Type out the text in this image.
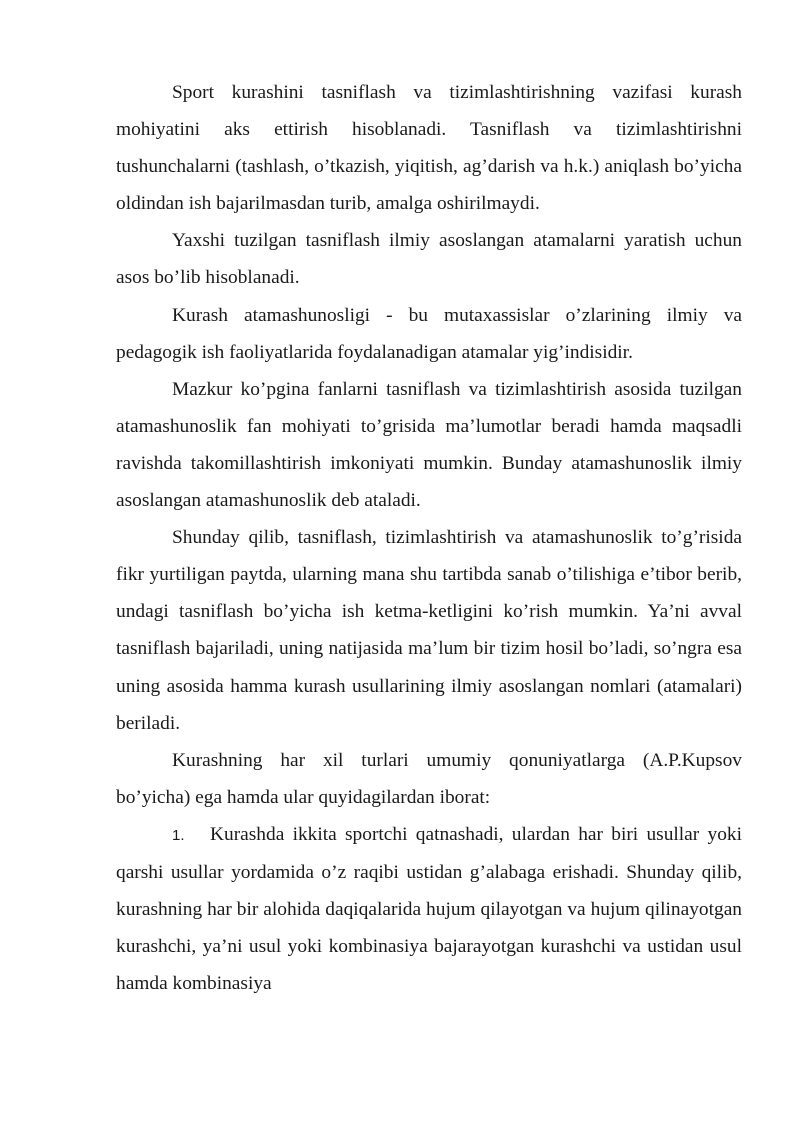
Sport kurashini tasniflash va tizimlashtirishning vazifasi kurash mohiyatini aks ettirish hisoblanadi. Tasniflash va tizimlashtirishni tushunchalarni (tashlash, o’tkazish, yiqitish, ag’darish va h.k.) aniqlash bo’yicha oldindan ish bajarilmasdan turib, amalga oshirilmaydi.

Yaxshi tuzilgan tasniflash ilmiy asoslangan atamalarni yaratish uchun asos bo’lib hisoblanadi.

Kurash atamashunosligi - bu mutaxassislar o’zlarining ilmiy va pedagogik ish faoliyatlarida foydalanadigan atamalar yig’indisidir.

Mazkur ko’pgina fanlarni tasniflash va tizimlashtirish asosida tuzilgan atamashunoslik fan mohiyati to’grisida ma’lumotlar beradi hamda maqsadli ravishda takomillashtirish imkoniyati mumkin. Bunday atamashunoslik ilmiy asoslangan atamashunoslik deb ataladi.

Shunday qilib, tasniflash, tizimlashtirish va atamashunoslik to’g’risida fikr yurtiligan paytda, ularning mana shu tartibda sanab o’tilishiga e’tibor berib, undagi tasniflash bo’yicha ish ketma-ketligini ko’rish mumkin. Ya’ni avval tasniflash bajariladi, uning natijasida ma’lum bir tizim hosil bo’ladi, so’ngra esa uning asosida hamma kurash usullarining ilmiy asoslangan nomlari (atamalari) beriladi.

Kurashning har xil turlari umumiy qonuniyatlarga (A.P.Kupsov bo’yicha) ega hamda ular quyidagilardan iborat:

1. Kurashda ikkita sportchi qatnashadi, ulardan har biri usullar yoki qarshi usullar yordamida o’z raqibi ustidan g’alabaga erishadi. Shunday qilib, kurashning har bir alohida daqiqalarida hujum qilayotgan va hujum qilinayotgan kurashchi, ya’ni usul yoki kombinasiya bajarayotgan kurashchi va ustidan usul hamda kombinasiya
